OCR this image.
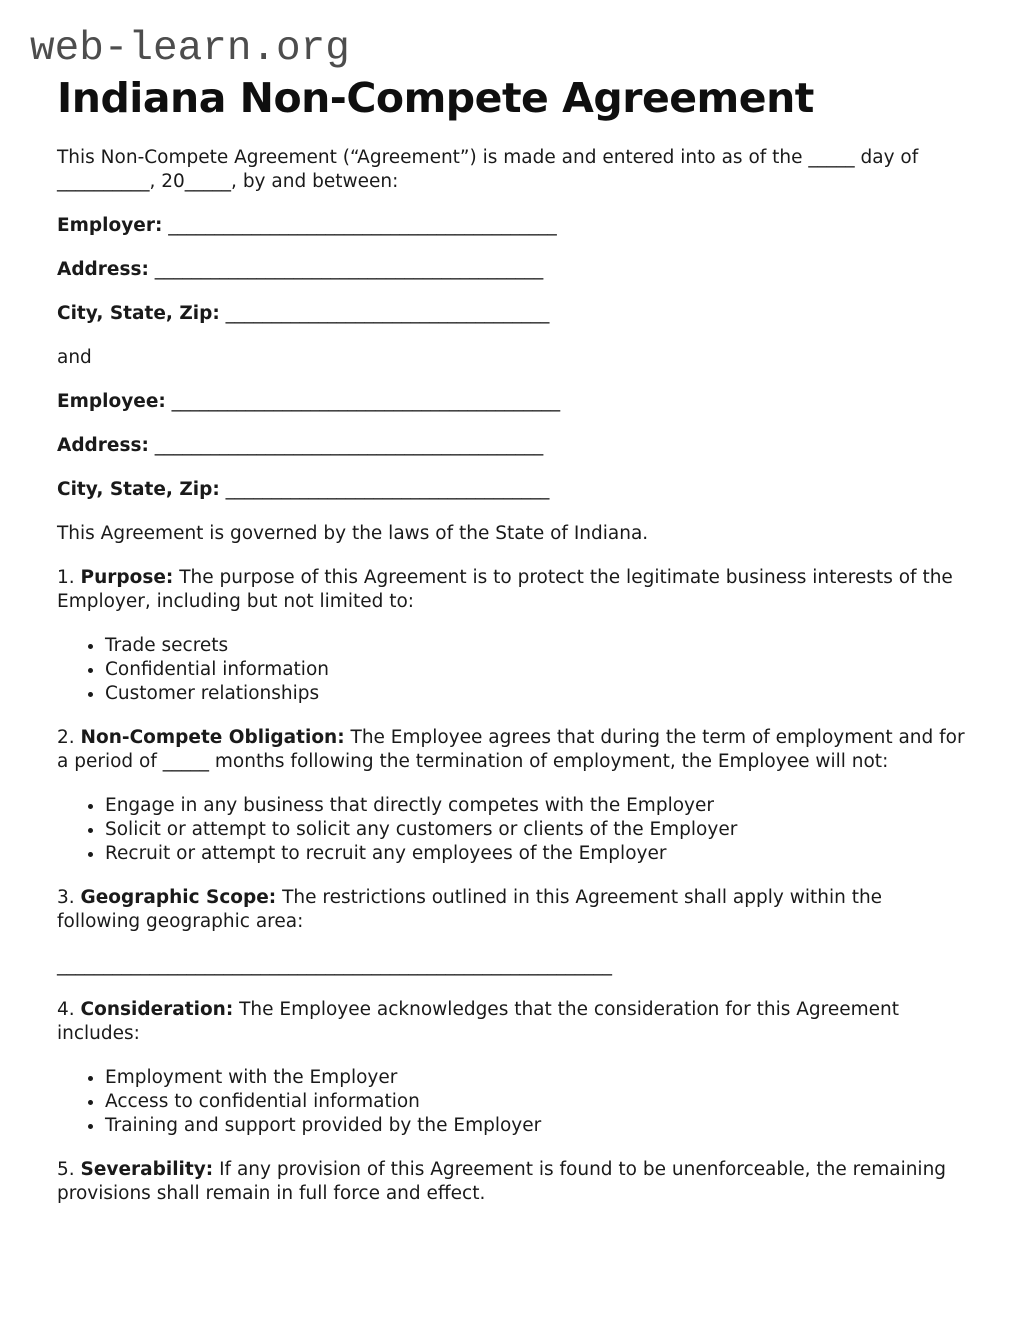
web-learn.org
Indiana Non-Compete Agreement

This Non-Compete Agreement (“Agreement”) is made and entered into as of the _____ day of __________, 20_____, by and between:

Employer: __________________________________________

Address: __________________________________________

City, State, Zip: ___________________________________

and

Employee: __________________________________________

Address: __________________________________________

City, State, Zip: ___________________________________

This Agreement is governed by the laws of the State of Indiana.

1. Purpose: The purpose of this Agreement is to protect the legitimate business interests of the Employer, including but not limited to:

• Trade secrets
• Confidential information
• Customer relationships

2. Non-Compete Obligation: The Employee agrees that during the term of employment and for a period of _____ months following the termination of employment, the Employee will not:

• Engage in any business that directly competes with the Employer
• Solicit or attempt to solicit any customers or clients of the Employer
• Recruit or attempt to recruit any employees of the Employer

3. Geographic Scope: The restrictions outlined in this Agreement shall apply within the following geographic area:

____________________________________________________________

4. Consideration: The Employee acknowledges that the consideration for this Agreement includes:

• Employment with the Employer
• Access to confidential information
• Training and support provided by the Employer

5. Severability: If any provision of this Agreement is found to be unenforceable, the remaining provisions shall remain in full force and effect.
